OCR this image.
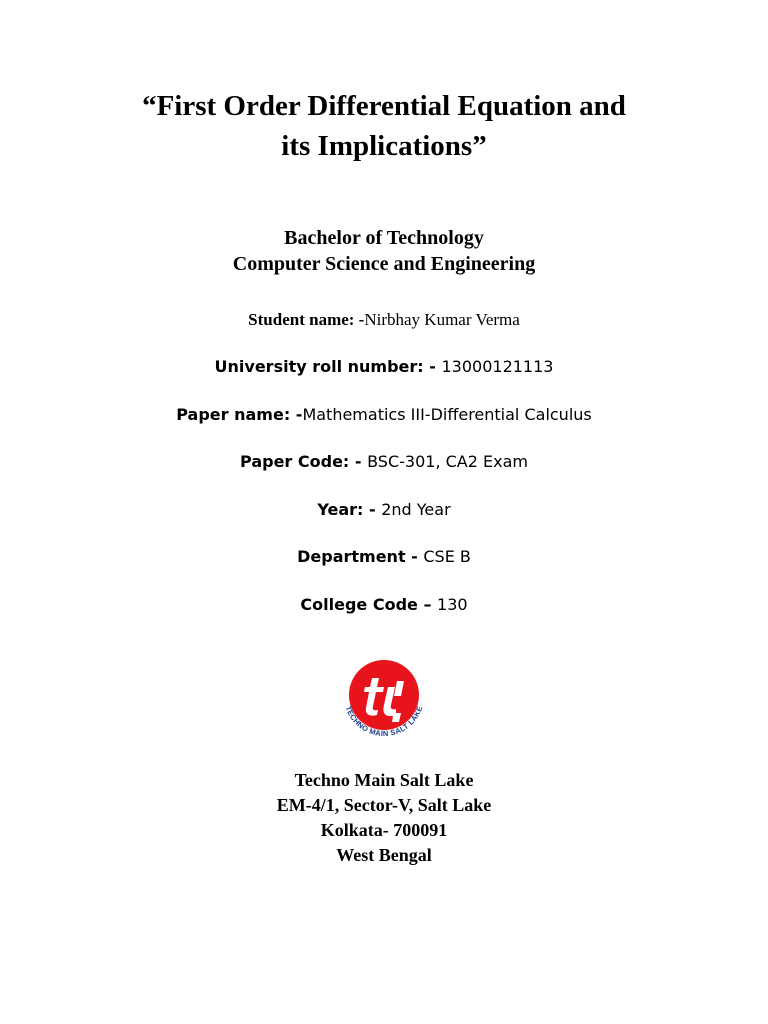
“First Order Differential Equation and
its Implications”
Bachelor of Technology
Computer Science and Engineering
Student name: -Nirbhay Kumar Verma
University roll number: - 13000121113
Paper name: -Mathematics III-Differential Calculus
Paper Code: - BSC-301, CA2 Exam
Year: - 2nd Year
Department - CSE B
College Code – 130
TECHNO MAIN SALT LAKE
Techno Main Salt Lake
EM-4/1, Sector-V, Salt Lake
Kolkata- 700091
West Bengal
